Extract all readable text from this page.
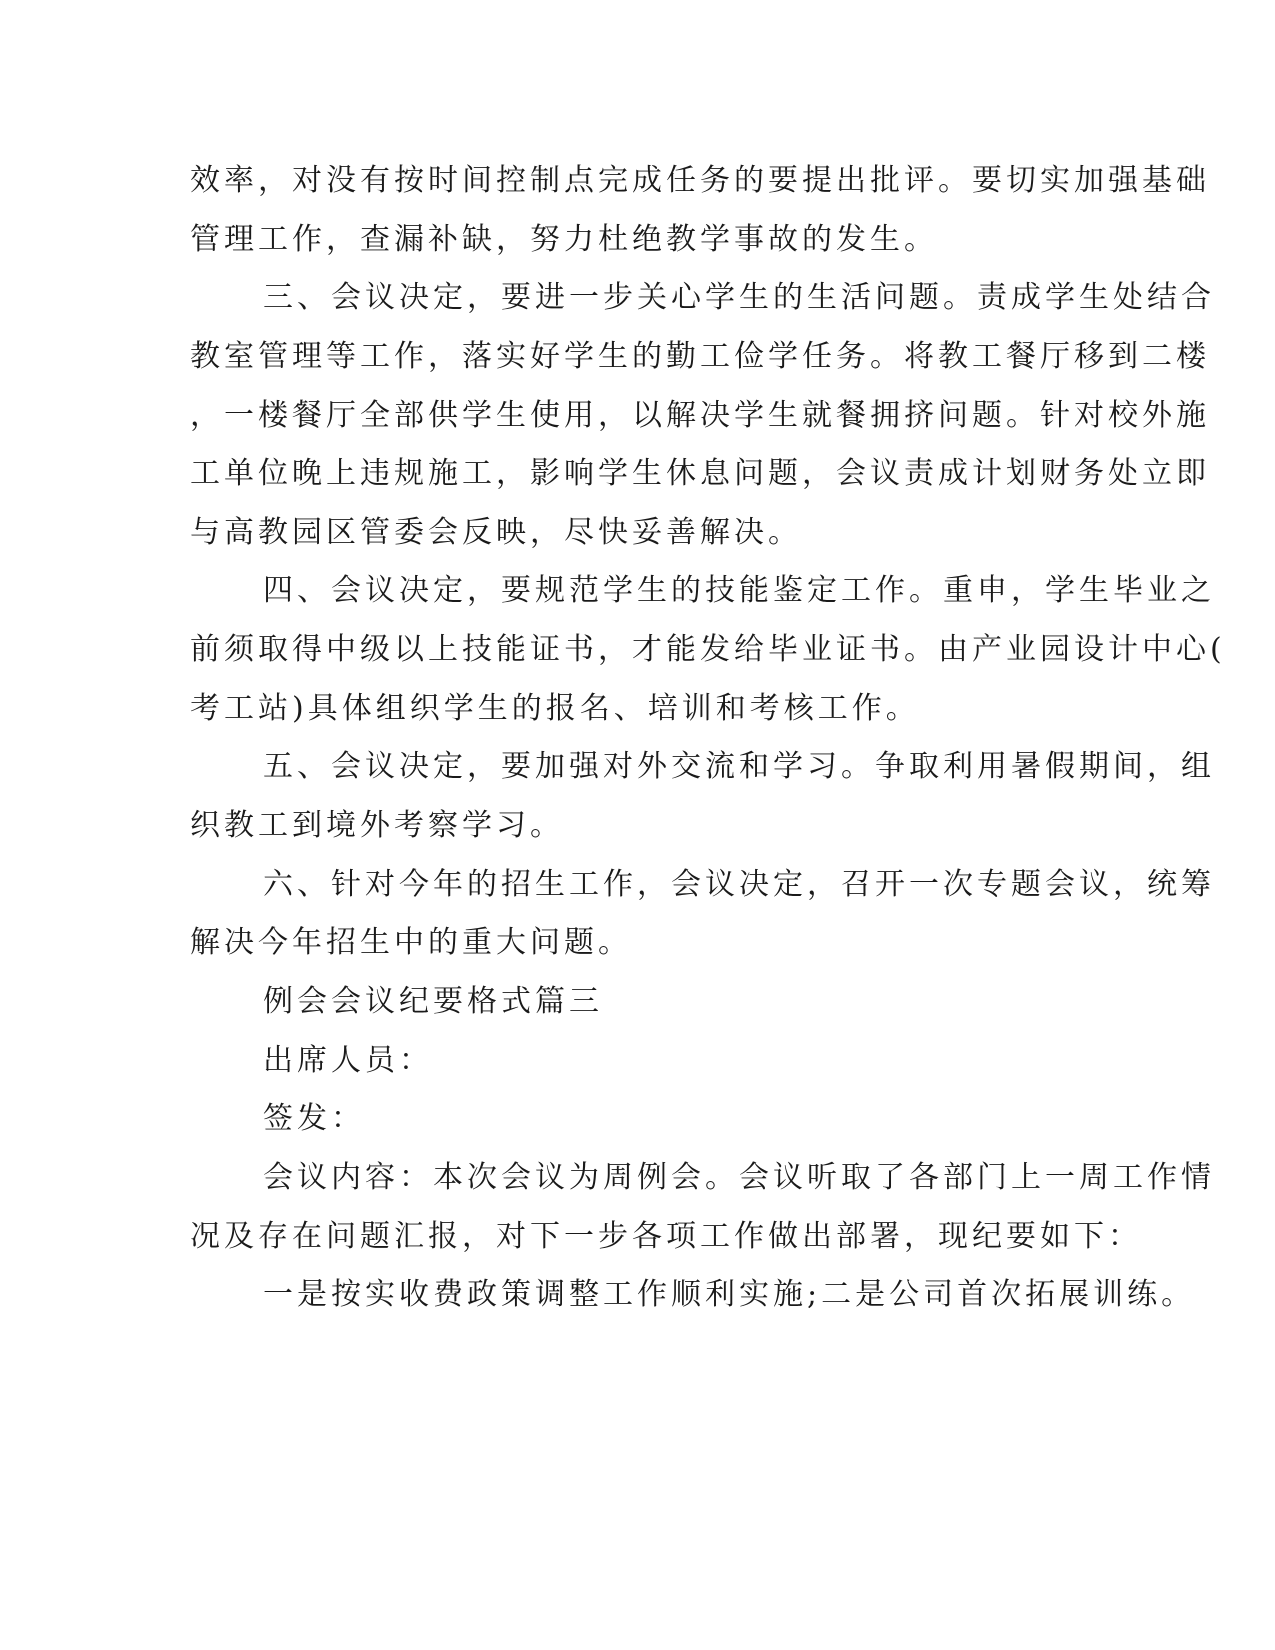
效率，对没有按时间控制点完成任务的要提出批评。要切实加强基础
管理工作，查漏补缺，努力杜绝教学事故的发生。
三、会议决定，要进一步关心学生的生活问题。责成学生处结合
教室管理等工作，落实好学生的勤工俭学任务。将教工餐厅移到二楼
，一楼餐厅全部供学生使用，以解决学生就餐拥挤问题。针对校外施
工单位晚上违规施工，影响学生休息问题，会议责成计划财务处立即
与高教园区管委会反映，尽快妥善解决。
四、会议决定，要规范学生的技能鉴定工作。重申，学生毕业之
前须取得中级以上技能证书，才能发给毕业证书。由产业园设计中心(
考工站)具体组织学生的报名、培训和考核工作。
五、会议决定，要加强对外交流和学习。争取利用暑假期间，组
织教工到境外考察学习。
六、针对今年的招生工作，会议决定，召开一次专题会议，统筹
解决今年招生中的重大问题。
例会会议纪要格式篇三
出席人员：
签发：
会议内容：本次会议为周例会。会议听取了各部门上一周工作情
况及存在问题汇报，对下一步各项工作做出部署，现纪要如下：
一是按实收费政策调整工作顺利实施;二是公司首次拓展训练。
